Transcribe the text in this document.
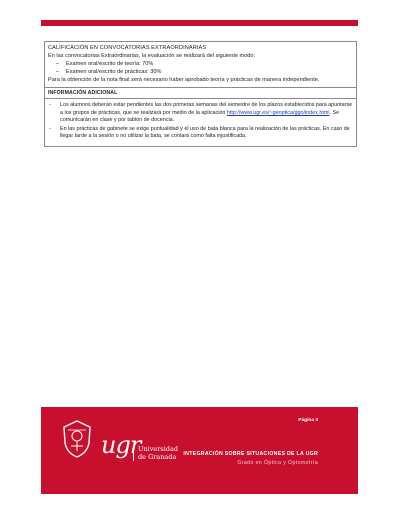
CALIFICACIÓN EN CONVOCATORIAS EXTRAORDINARIAS
En las convocatorias Extraordinarias, la evaluación se realizará del siguiente modo:
– Examen oral/escrito de teoría: 70%
– Examen oral/escrito de prácticas: 30%
Para la obtención de la nota final será necesario haber aprobado teoría y prácticas de manera independiente.
INFORMACIÓN ADICIONAL
- Los alumnos deberán estar pendientes las dos primeras semanas del semestre de los plazos establecidos para apuntarse a los grupos de prácticas, que se realizará por medio de la aplicación http://www.ugr.es/~geoptica/ggo/index.html. Se comunicarán en clase y por tablón de docencia.
- En las prácticas de gabinete se exige puntualidad y el uso de bata blanca para la realización de las prácticas. En caso de llegar tarde a la sesión o no utilizar la bata, se contará como falta injustificada.
ugr
Universidad
de Granada
Página 3
INTEGRACIÓN SOBRE SITUACIONES DE LA UGR
Grado en Óptica y Optometría
